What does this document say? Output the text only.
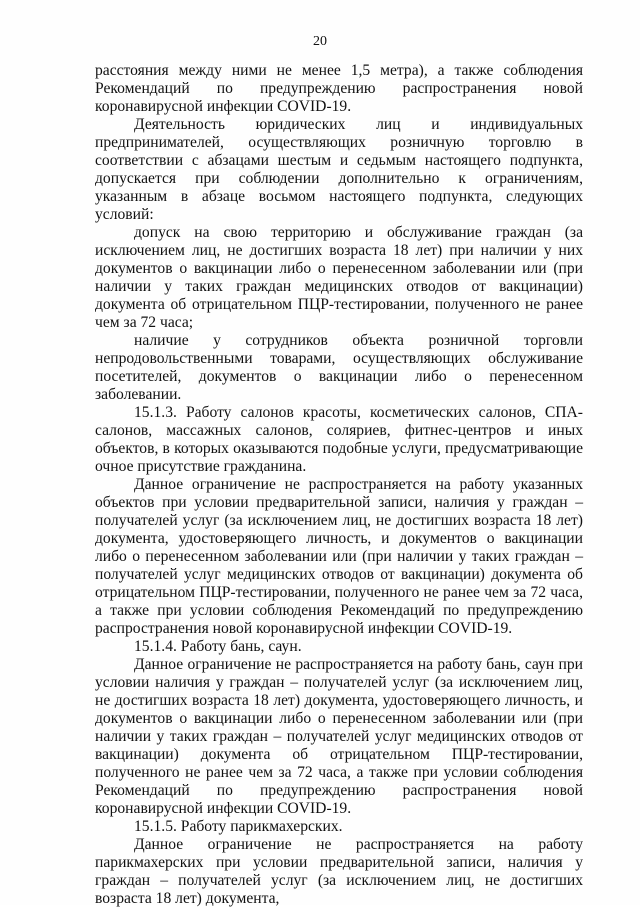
20

расстояния между ними не менее 1,5 метра), а также соблюдения Рекомендаций по предупреждению распространения новой коронавирусной инфекции COVID-19.

Деятельность юридических лиц и индивидуальных предпринимателей, осуществляющих розничную торговлю в соответствии с абзацами шестым и седьмым настоящего подпункта, допускается при соблюдении дополнительно к ограничениям, указанным в абзаце восьмом настоящего подпункта, следующих условий:

допуск на свою территорию и обслуживание граждан (за исключением лиц, не достигших возраста 18 лет) при наличии у них документов о вакцинации либо о перенесенном заболевании или (при наличии у таких граждан медицинских отводов от вакцинации) документа об отрицательном ПЦР-тестировании, полученного не ранее чем за 72 часа;

наличие у сотрудников объекта розничной торговли непродовольственными товарами, осуществляющих обслуживание посетителей, документов о вакцинации либо о перенесенном заболевании.

15.1.3. Работу салонов красоты, косметических салонов, СПА-салонов, массажных салонов, соляриев, фитнес-центров и иных объектов, в которых оказываются подобные услуги, предусматривающие очное присутствие гражданина.

Данное ограничение не распространяется на работу указанных объектов при условии предварительной записи, наличия у граждан – получателей услуг (за исключением лиц, не достигших возраста 18 лет) документа, удостоверяющего личность, и документов о вакцинации либо о перенесенном заболевании или (при наличии у таких граждан – получателей услуг медицинских отводов от вакцинации) документа об отрицательном ПЦР-тестировании, полученного не ранее чем за 72 часа, а также при условии соблюдения Рекомендаций по предупреждению распространения новой коронавирусной инфекции COVID-19.

15.1.4. Работу бань, саун.

Данное ограничение не распространяется на работу бань, саун при условии наличия у граждан – получателей услуг (за исключением лиц, не достигших возраста 18 лет) документа, удостоверяющего личность, и документов о вакцинации либо о перенесенном заболевании или (при наличии у таких граждан – получателей услуг медицинских отводов от вакцинации) документа об отрицательном ПЦР-тестировании, полученного не ранее чем за 72 часа, а также при условии соблюдения Рекомендаций по предупреждению распространения новой коронавирусной инфекции COVID-19.

15.1.5. Работу парикмахерских.

Данное ограничение не распространяется на работу парикмахерских при условии предварительной записи, наличия у граждан – получателей услуг (за исключением лиц, не достигших возраста 18 лет) документа,
